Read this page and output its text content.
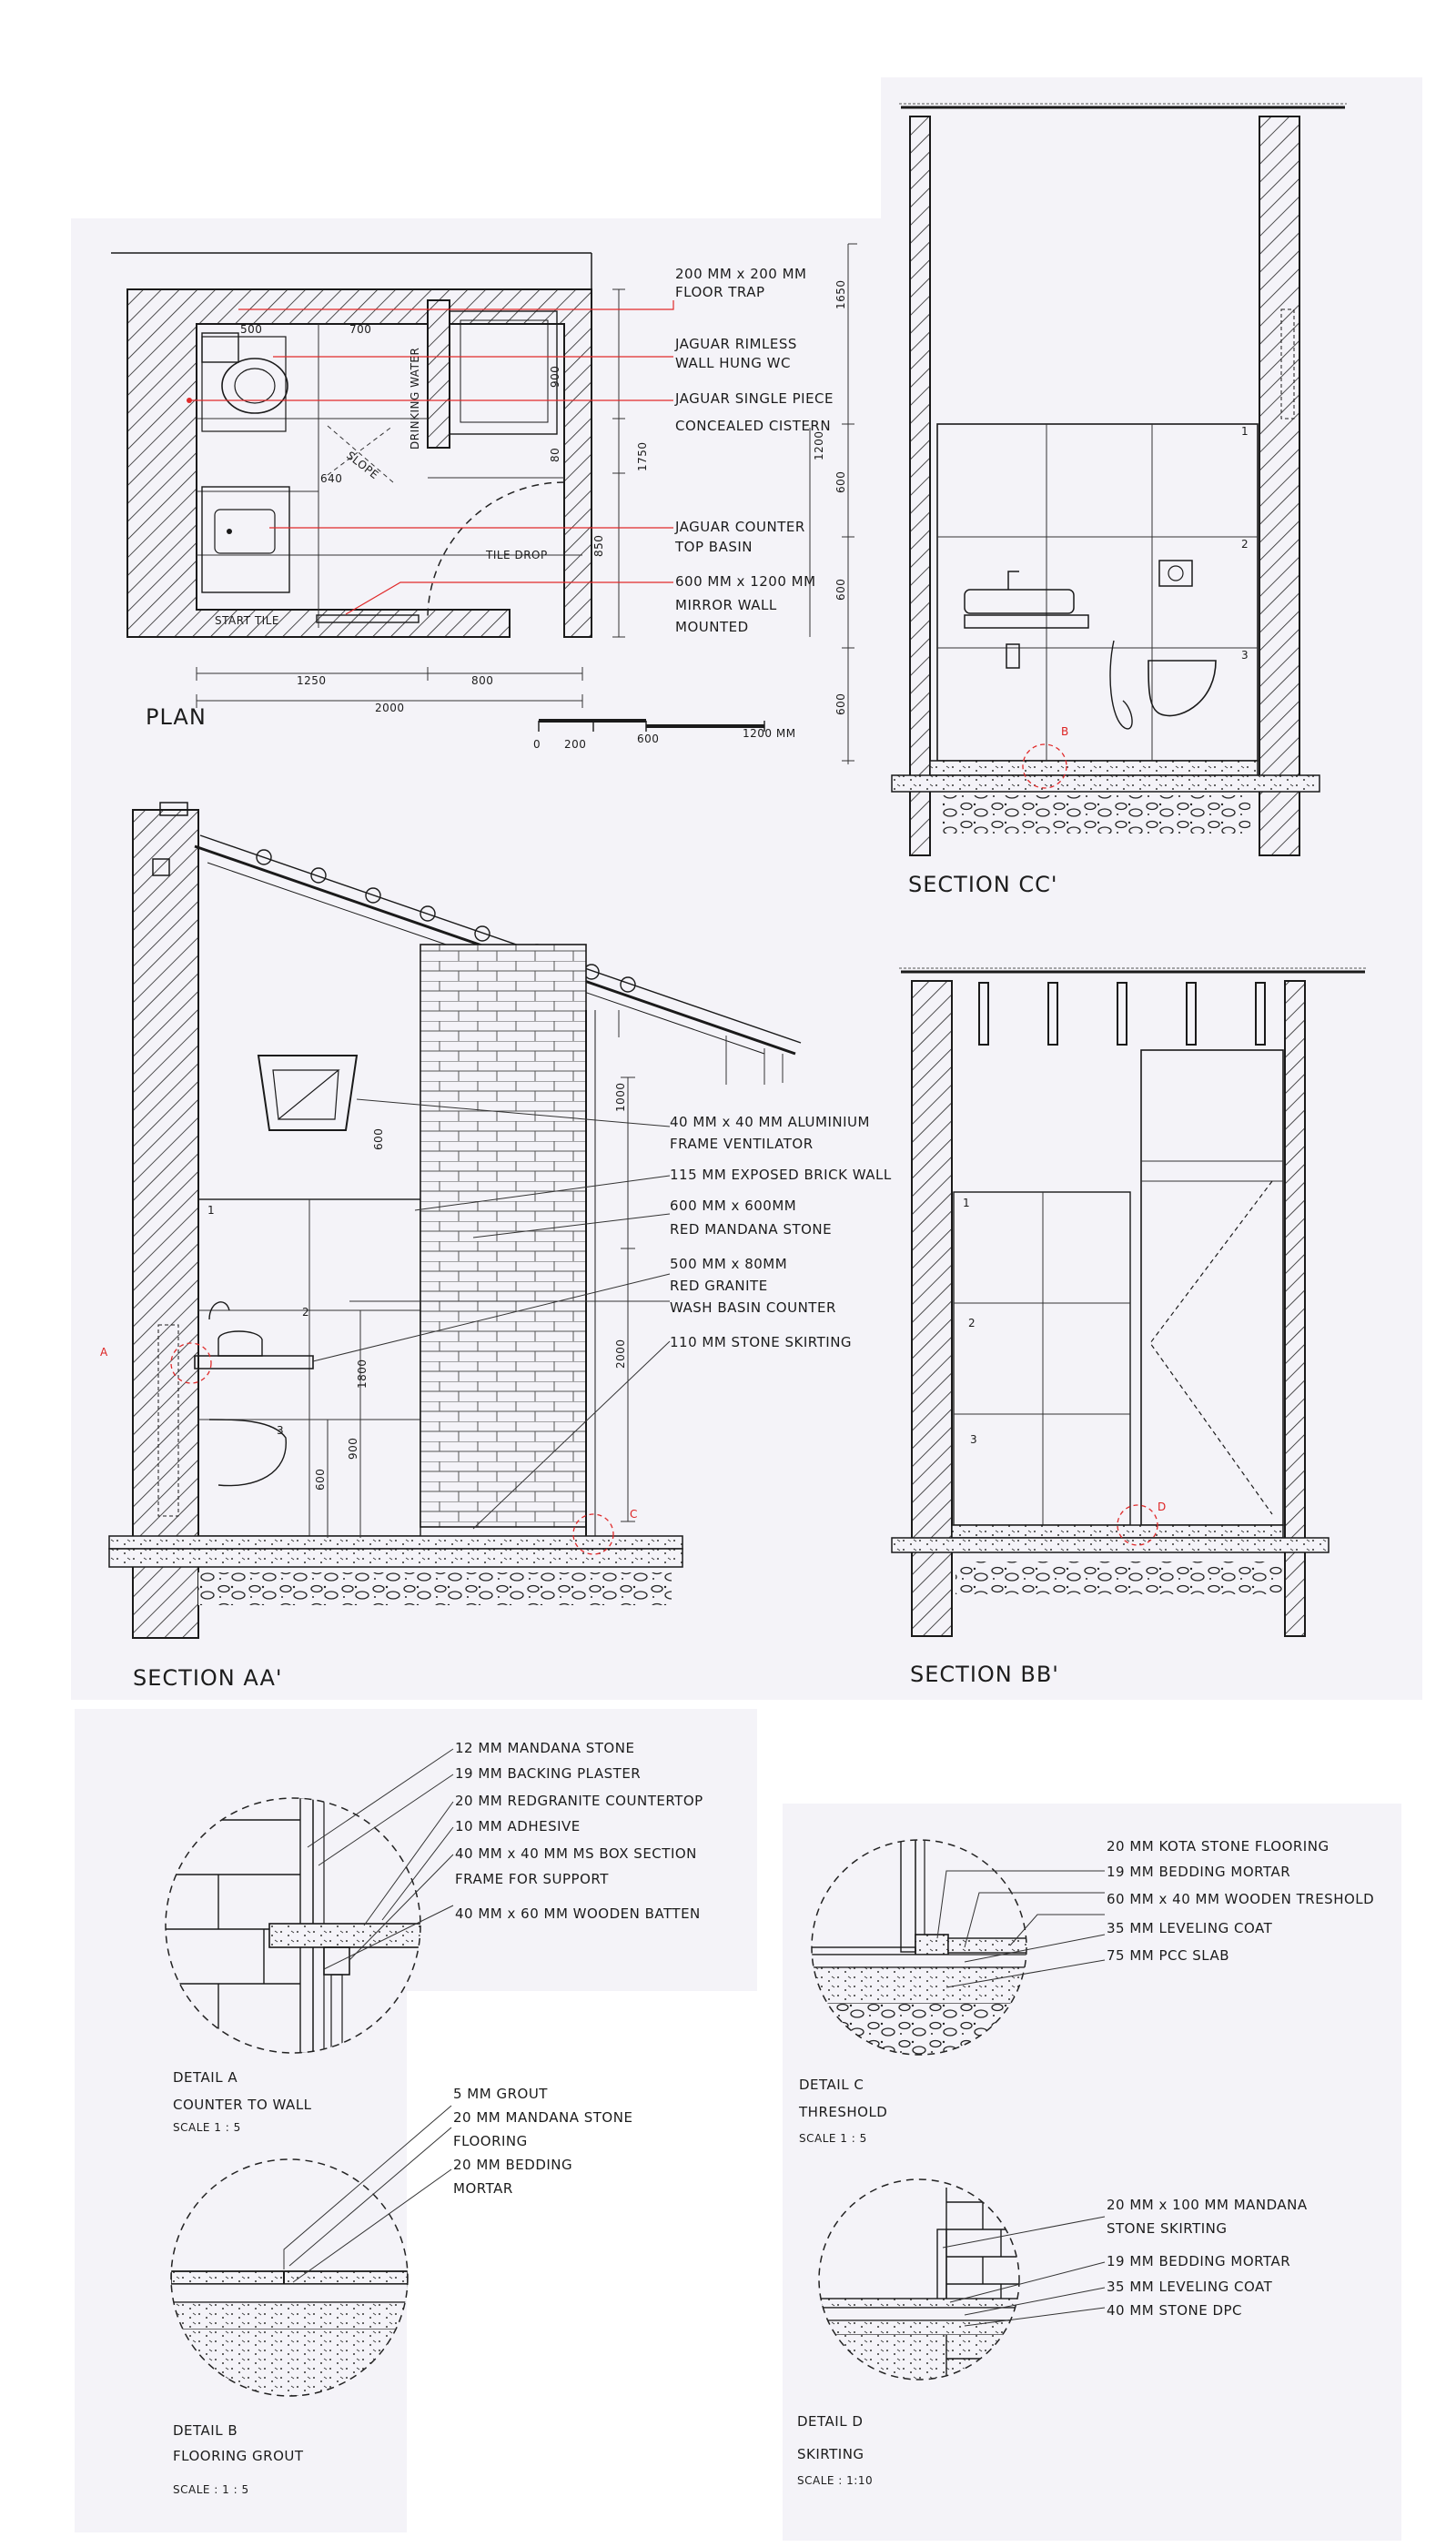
200 MM x 200 MM
FLOOR TRAP
JAGUAR RIMLESS
WALL HUNG WC
JAGUAR SINGLE PIECE
CONCEALED CISTERN
JAGUAR COUNTER
TOP BASIN
600 MM x 1200 MM
MIRROR WALL
MOUNTED
DRINKING WATER
SLOPE
TILE DROP
START TILE
500	700
900
80	1750
850
640
1250	800
2000
0 200	600	1200 MM
PLAN
1650
600
1200
600
600
1
2
3
B
SECTION CC'
40 MM x 40 MM ALUMINIUM
FRAME VENTILATOR
115 MM EXPOSED BRICK WALL
600 MM x 600MM
RED MANDANA STONE
500 MM x 80MM
RED GRANITE
WASH BASIN COUNTER
110 MM STONE SKIRTING
600
1000
2000
1800
900
600
1
2
3
A
C
SECTION AA'
1
2
3
D
SECTION BB'
12 MM MANDANA STONE
19 MM BACKING PLASTER
20 MM REDGRANITE COUNTERTOP
10 MM ADHESIVE
40 MM x 40 MM MS BOX SECTION
FRAME FOR SUPPORT
40 MM x 60 MM WOODEN BATTEN
DETAIL A
COUNTER TO WALL
SCALE 1 : 5
5 MM GROUT
20 MM MANDANA STONE
FLOORING
20 MM BEDDING
MORTAR
DETAIL B
FLOORING GROUT
SCALE : 1 : 5
20 MM KOTA STONE FLOORING
19 MM BEDDING MORTAR
60 MM x 40 MM WOODEN TRESHOLD
35 MM LEVELING COAT
75 MM PCC SLAB
DETAIL C
THRESHOLD
SCALE 1 : 5
20 MM x 100 MM MANDANA
STONE SKIRTING
19 MM BEDDING MORTAR
35 MM LEVELING COAT
40 MM STONE DPC
DETAIL D
SKIRTING
SCALE : 1:10
